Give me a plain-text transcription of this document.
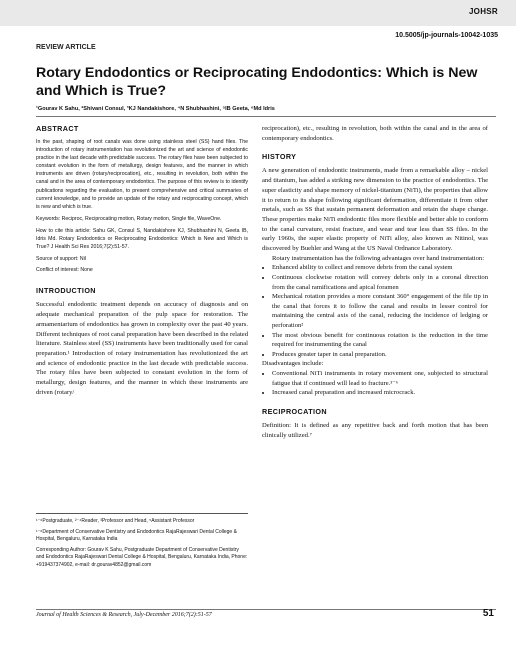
JOHSR
10.5005/jp-journals-10042-1035
REVIEW ARTICLE
Rotary Endodontics or Reciprocating Endodontics: Which is New and Which is True?
¹Gourav K Sahu, ²Shivani Consul, ³KJ Nandakishore, ⁴N Shubhashini, ⁵IB Geeta, ⁶Md Idris

ABSTRACT

In the past, shaping of root canals was done using stainless steel (SS) hand files. The introduction of rotary instrumentation has revolutionized the art and science of endodontic practice in the last decade with predictable success. The rotary files have been subjected to constant evolution in the form of metallurgy, design features, and the manner in which instruments are driven (rotary/reciprocation), etc., resulting in revolution, both within the canal and in the area of contemporary endodontics. The purpose of this review is to identify publications regarding the evaluation, to present comprehensive and critical summaries of current knowledge, and to provide an update of the rotary and reciprocating concept, which is new and which is true.

Keywords: Reciproc, Reciprocating motion, Rotary motion, Single file, WaveOne.

How to cite this article: Sahu GK, Consul S, Nandakishore KJ, Shubhashini N, Geeta IB, Idris Md. Rotary Endodontics or Reciprocating Endodontics: Which is New and Which is True? J Health Sci Res 2016;7(2):51-57.

Source of support: Nil

Conflict of interest: None

INTRODUCTION

Successful endodontic treatment depends on accuracy of diagnosis and on adequate mechanical preparation of the pulp space for restoration. The armamentarium of endodontics has grown in complexity over the past 40 years. Different techniques of root canal preparation have been described in the related literature. Stainless steel (SS) instruments have been traditionally used for canal preparation.¹ Introduction of rotary instrumentation has revolutionized the art and science of endodontic practice in the last decade with predictable success. The rotary files have been subjected to constant evolution in the form of metallurgy, design features, and the manner in which these instruments are driven (rotary/

¹⁻⁶Postgraduate, ²⁻⁴Reader, ³Professor and Head, ⁵Assistant Professor

¹⁻⁶Department of Conservative Dentistry and Endodontics RajaRajeswari Dental College & Hospital, Bengaluru, Karnataka India

Corresponding Author: Gourav K Sahu, Postgraduate Department of Conservative Dentistry and Endodontics RajaRajeswari Dental College & Hospital, Bengaluru, Karnataka India, Phone: +919437374902, e-mail: dr.gourav4852@gmail.com

reciprocation), etc., resulting in revolution, both within the canal and in the area of contemporary endodontics.

HISTORY

A new generation of endodontic instruments, made from a remarkable alloy – nickel and titanium, has added a striking new dimension to the practice of endodontics. The super elasticity and shape memory of nickel-titanium (NiTi), the properties that allow it to return to its shape following significant deformation, differentiate it from other metals, such as SS that sustain permanent deformation and retain the shape change. These properties make NiTi endodontic files more flexible and better able to conform to the canal curvature, resist fracture, and wear and tear less than SS files. In the early 1960s, the super elastic property of NiTi alloy, also known as Nitinol, was discovered by Buehler and Wang at the US Naval Ordnance Laboratory.

Rotary instrumentation has the following advantages over hand instrumentation:

• Enhanced ability to collect and remove debris from the canal system
• Continuous clockwise rotation will convey debris only in a coronal direction from the canal ramifications and apical foramen
• Mechanical rotation provides a more constant 360° engagement of the file tip in the canal that forces it to follow the canal and results in lesser control for maintaining the central axis of the canal, reducing the incidence of ledging or perforation²
• The most obvious benefit for continuous rotation is the reduction in the time required for instrumenting the canal
• Produces greater taper in canal preparation.

Disadvantages include:

• Conventional NiTi instruments in rotary movement one, subjected to structural fatigue that if continued will lead to fracture.³⁻⁶
• Increased canal preparation and increased microcrack.

RECIPROCATION

Definition: It is defined as any repetitive back and forth motion that has been clinically utilized.⁷

Journal of Health Sciences & Research, July-December 2016;7(2):51-57	51
